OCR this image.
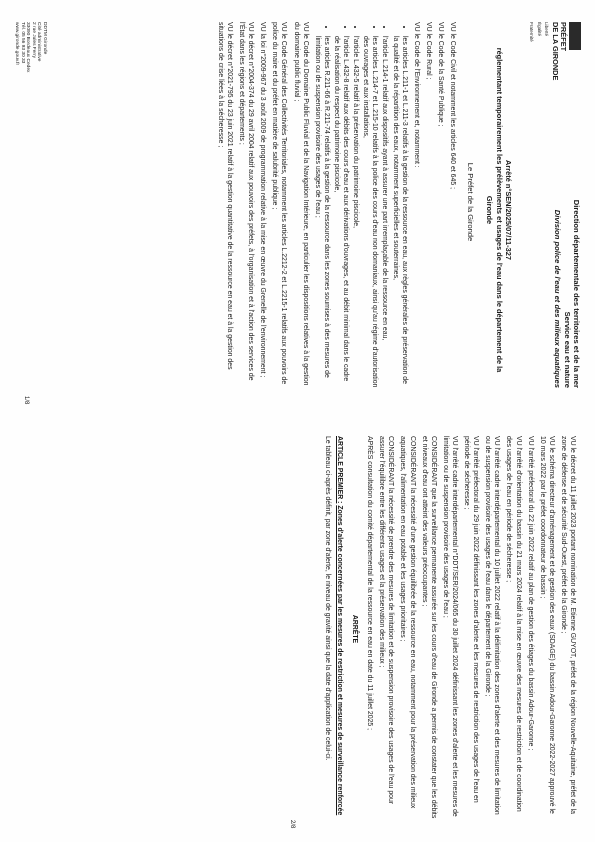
PRÉFET
DE LA GIRONDE
Liberté
Égalité
Fraternité
Direction départementale des territoires et de la mer
Service eau et nature
Division police de l'eau et des milieux aquatiques
Arrêté n°SEN/2025/07/11-327
réglementant temporairement les prélèvements et usages de l'eau dans le département de la Gironde
Le Préfet de la Gironde

VU le Code Civil et notamment les articles 640 et 645 ;

VU le Code de la Santé Publique ;

VU le Code Rural ;

VU le Code de l'Environnement et, notamment :

• les articles L.211-1 et L.211-3 relatifs à la gestion de la ressource en eau, aux règles générales de préservation de la qualité et de la répartition des eaux, notamment superficielles et souterraines,
• l'article L.214-1 relatif aux dispositifs ayant à assurer une part irremplaçable de la ressource en eau,
• les articles L.214-7 et L.215-10 relatifs à la police des cours d'eau non domaniaux, ainsi qu'au régime d'autorisation des ouvrages et aux installations,
• l'article L.432-5 relatif à la préservation du patrimoine piscicole,
• l'article L.432-8 relatif aux débits des cours d'eau et aux dérivations d'ouvrages, et au débit minimal dans le cadre de la réalisation du respect du patrimoine piscicole,
• les articles R.211-66 à R.211-74 relatifs à la gestion de la ressource dans les zones soumises à des mesures de limitation ou de suspension provisoire des usages de l'eau ;

VU le Code du Domaine Public Fluvial et de la Navigation Intérieure, en particulier les dispositions relatives à la gestion du domaine public fluvial ;

VU le Code Général des Collectivités Territoriales, notamment les articles L.2212-2 et L.2215-1 relatifs aux pouvoirs de police du maire et du préfet en matière de salubrité publique ;

VU la loi n°2009-967 du 3 août 2009 de programmation relative à la mise en œuvre du Grenelle de l'environnement ;

VU le décret n°2004-374 du 29 avril 2004 relatif aux pouvoirs des préfets, à l'organisation et à l'action des services de l'État dans les régions et départements ;

VU le décret n°2021-795 du 23 juin 2021 relatif à la gestion quantitative de la ressource en eau et à la gestion des situations de crise liées à la sécheresse ;

VU le décret du 11 juillet 2023 portant nomination de M. Etienne GUYOT, préfet de la région Nouvelle-Aquitaine, préfet de la zone de défense et de sécurité Sud-Ouest, préfet de la Gironde ;

VU le schéma directeur d'aménagement et de gestion des eaux (SDAGE) du bassin Adour-Garonne 2022-2027 approuvé le 10 mars 2022 par le préfet coordonnateur de bassin ;

VU l'arrêté préfectoral du 22 juin 2022 relatif au plan de gestion des étiages du bassin Adour-Garonne ;

VU l'arrêté d'orientation du bassin du 21 mars 2024 relatif à la mise en œuvre des mesures de restriction et de coordination des usages de l'eau en période de sécheresse ;

VU l'arrêté cadre interdépartemental du 10 juillet 2022 relatif à la délimitation des zones d'alerte et des mesures de limitation ou de suspension provisoire des usages de l'eau dans le département de la Gironde ;

VU l'arrêté préfectoral du 29 juin 2022 définissant les zones d'alerte et les mesures de restriction des usages de l'eau en période de sécheresse ;

VU l'arrêté cadre interdépartemental n°DDT/SER/2024/065 du 30 juillet 2024 définissant les zones d'alerte et les mesures de limitation ou de suspension provisoire des usages de l'eau ;

CONSIDÉRANT que la surveillance permanente assurée sur les cours d'eau de Gironde a permis de constater que les débits et niveaux d'eau ont atteint des valeurs préoccupantes ;

CONSIDÉRANT la nécessité d'une gestion équilibrée de la ressource en eau, notamment pour la préservation des milieux aquatiques, l'alimentation en eau potable et les usages prioritaires ;

CONSIDÉRANT la nécessité de prendre des mesures de limitation et de suspension provisoire des usages de l'eau pour assurer l'équilibre entre les différents usages et la préservation des milieux ;

APRÈS consultation du comité départemental de la ressource en eau en date du 11 juillet 2025 ;

ARRÊTE

ARTICLE PREMIER : Zones d'alerte concernées par les mesures de restriction et mesures de surveillance renforcée

Le tableau ci-après définit, par zone d'alerte, le niveau de gravité ainsi que la date d'application de celui-ci.

DDTM Gironde
Cité administrative
2 rue Jules Ferry
33090 Bordeaux Cedex
Tél. 05 56 93 30 33
www.gironde.gouv.fr
1/8
2/8
